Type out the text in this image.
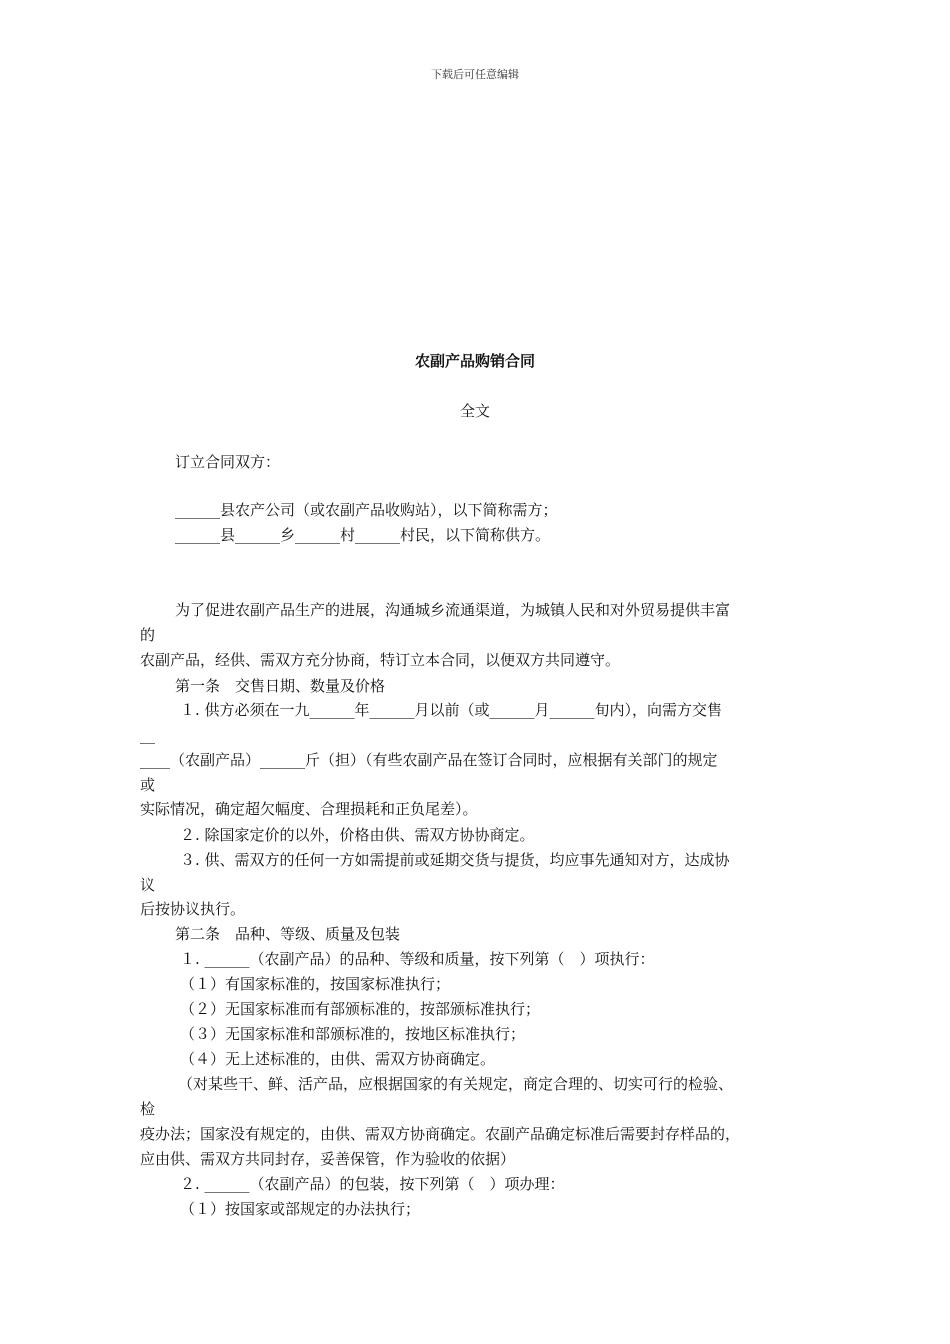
下载后可任意编辑
农副产品购销合同
全文
订立合同双方：
______县农产公司（或农副产品收购站），以下简称需方；
______县______乡______村______村民，以下简称供方。
为了促进农副产品生产的进展，沟通城乡流通渠道，为城镇人民和对外贸易提供丰富
的
农副产品，经供、需双方充分协商，特订立本合同，以便双方共同遵守。
第一条　交售日期、数量及价格
１. 供方必须在一九______年______月以前（或______月______旬内），向需方交售
__
____（农副产品）______斤（担）（有些农副产品在签订合同时，应根据有关部门的规定
或
实际情况，确定超欠幅度、合理损耗和正负尾差）。
２. 除国家定价的以外，价格由供、需双方协协商定。
３. 供、需双方的任何一方如需提前或延期交货与提货，均应事先通知对方，达成协
议
后按协议执行。
第二条　品种、等级、质量及包装
１. ______（农副产品）的品种、等级和质量，按下列第（　）项执行：
（１）有国家标准的，按国家标准执行；
（２）无国家标准而有部颁标准的，按部颁标准执行；
（３）无国家标准和部颁标准的，按地区标准执行；
（４）无上述标准的，由供、需双方协商确定。
（对某些干、鲜、活产品，应根据国家的有关规定，商定合理的、切实可行的检验、
检
疫办法；国家没有规定的，由供、需双方协商确定。农副产品确定标准后需要封存样品的，
应由供、需双方共同封存，妥善保管，作为验收的依据）
２. ______（农副产品）的包装，按下列第（　）项办理：
（１）按国家或部规定的办法执行；
